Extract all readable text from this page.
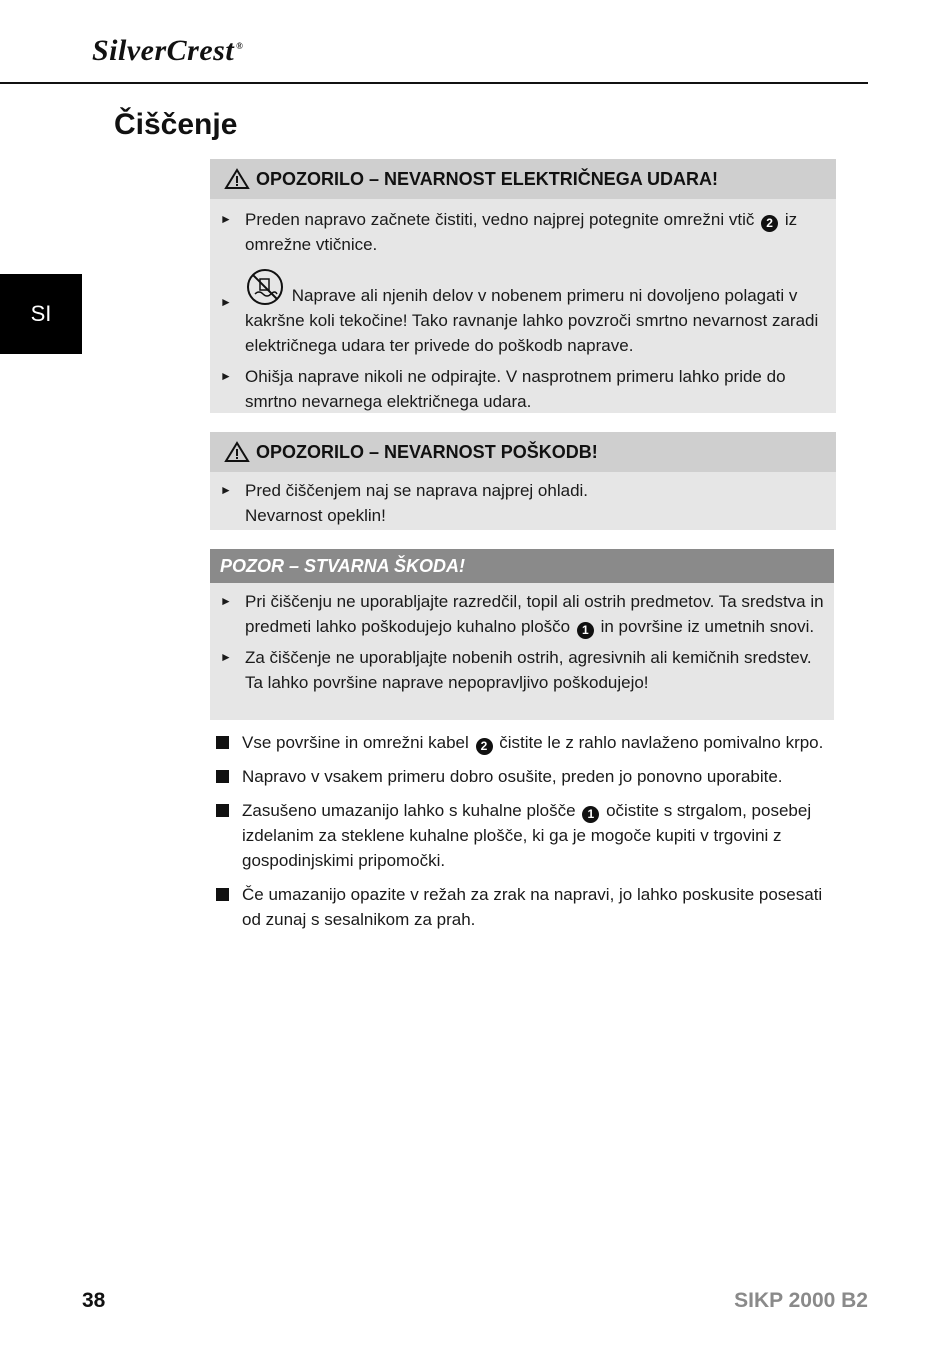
SilverCrest ®
SI
Čiščenje
OPOZORILO – NEVARNOST ELEKTRIČNEGA UDARA!
► Preden napravo začnete čistiti, vedno najprej potegnite omrežni vtič 2 iz omrežne vtičnice.
►	Naprave ali njenih delov v nobenem primeru ni dovoljeno polagati v kakršne koli tekočine! Tako ravnanje lahko povzroči smrtno nevarnost zaradi električnega udara ter privede do poškodb naprave.
► Ohišja naprave nikoli ne odpirajte. V nasprotnem primeru lahko pride do smrtno nevarnega električnega udara.
OPOZORILO – NEVARNOST POŠKODB!
► Pred čiščenjem naj se naprava najprej ohladi.
Nevarnost opeklin!
POZOR – STVARNA ŠKODA!
► Pri čiščenju ne uporabljajte razredčil, topil ali ostrih predmetov. Ta sredstva in predmeti lahko poškodujejo kuhalno ploščo 1 in površine iz umetnih snovi.
► Za čiščenje ne uporabljajte nobenih ostrih, agresivnih ali kemičnih sredstev. Ta lahko površine naprave nepopravljivo poškodujejo!
Vse površine in omrežni kabel 2 čistite le z rahlo navlaženo pomivalno krpo.
Napravo v vsakem primeru dobro osušite, preden jo ponovno uporabite.
Zasušeno umazanijo lahko s kuhalne plošče 1 očistite s strgalom, posebej izdelanim za steklene kuhalne plošče, ki ga je mogoče kupiti v trgovini z gospodinjskimi pripomočki.
Če umazanijo opazite v režah za zrak na napravi, jo lahko poskusite posesati od zunaj s sesalnikom za prah.
38	SIKP 2000 B2
